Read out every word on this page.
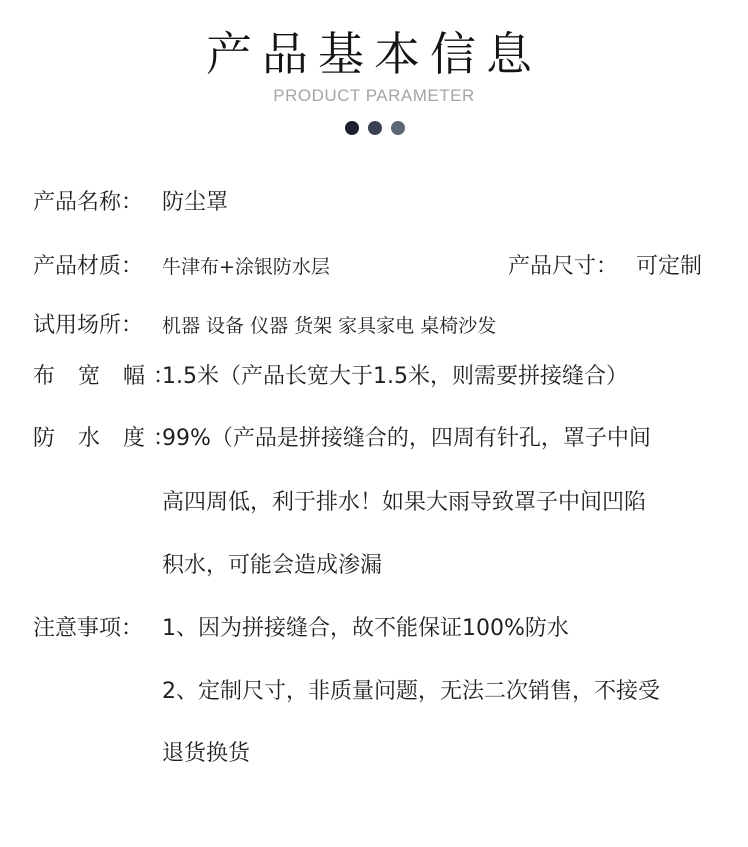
产品基本信息
PRODUCT PARAMETER
产品名称： 防尘罩
产品材质： 牛津布+涂银防水层	产品尺寸： 可定制
试用场所： 机器 设备 仪器 货架 家具家电 桌椅沙发
布 宽 幅：
1.5米（产品长宽大于1.5米，则需要拼接缝合）
防 水 度：
99%（产品是拼接缝合的，四周有针孔，罩子中间
高四周低，利于排水！如果大雨导致罩子中间凹陷
积水，可能会造成渗漏
注意事项： 1、因为拼接缝合，故不能保证100%防水
2、定制尺寸，非质量问题，无法二次销售，不接受
退货换货
